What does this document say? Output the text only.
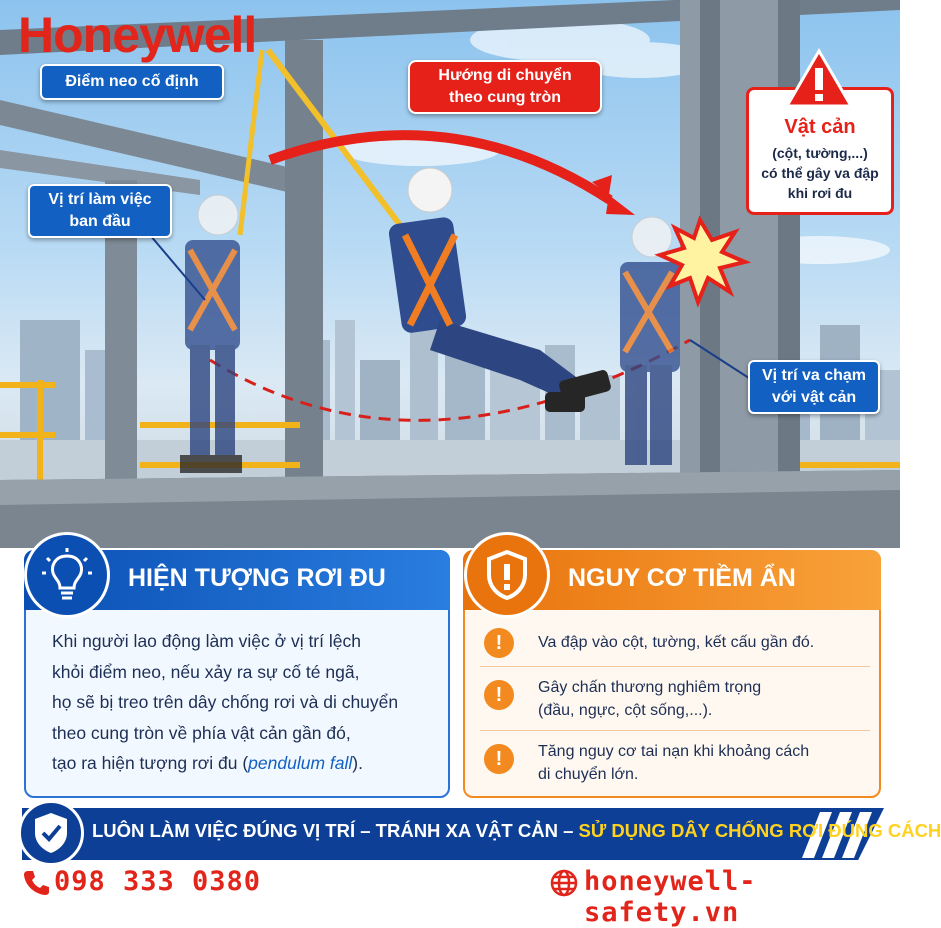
Honeywell
Điểm neo cố định	Hướng di chuyển
theo cung tròn
Vị trí làm việc
ban đầu
Vị trí va chạm
với vật cản
Vật cản
(cột, tường,...)
có thể gây va đập
khi rơi đu
HIỆN TƯỢNG RƠI ĐU
Khi người lao động làm việc ở vị trí lệch
khỏi điểm neo, nếu xảy ra sự cố té ngã,
họ sẽ bị treo trên dây chống rơi và di chuyển
theo cung tròn về phía vật cản gần đó,
tạo ra hiện tượng rơi đu (pendulum fall).
NGUY CƠ TIỀM ẨN
!	Va đập vào cột, tường, kết cấu gần đó.
!	Gây chấn thương nghiêm trọng
(đầu, ngực, cột sống,...).
!	Tăng nguy cơ tai nạn khi khoảng cách
di chuyển lớn.
LUÔN LÀM VIỆC ĐÚNG VỊ TRÍ – TRÁNH XA VẬT CẢN – SỬ DỤNG DÂY CHỐNG RƠI ĐÚNG CÁCH
098 333 0380	honeywell-safety.vn
